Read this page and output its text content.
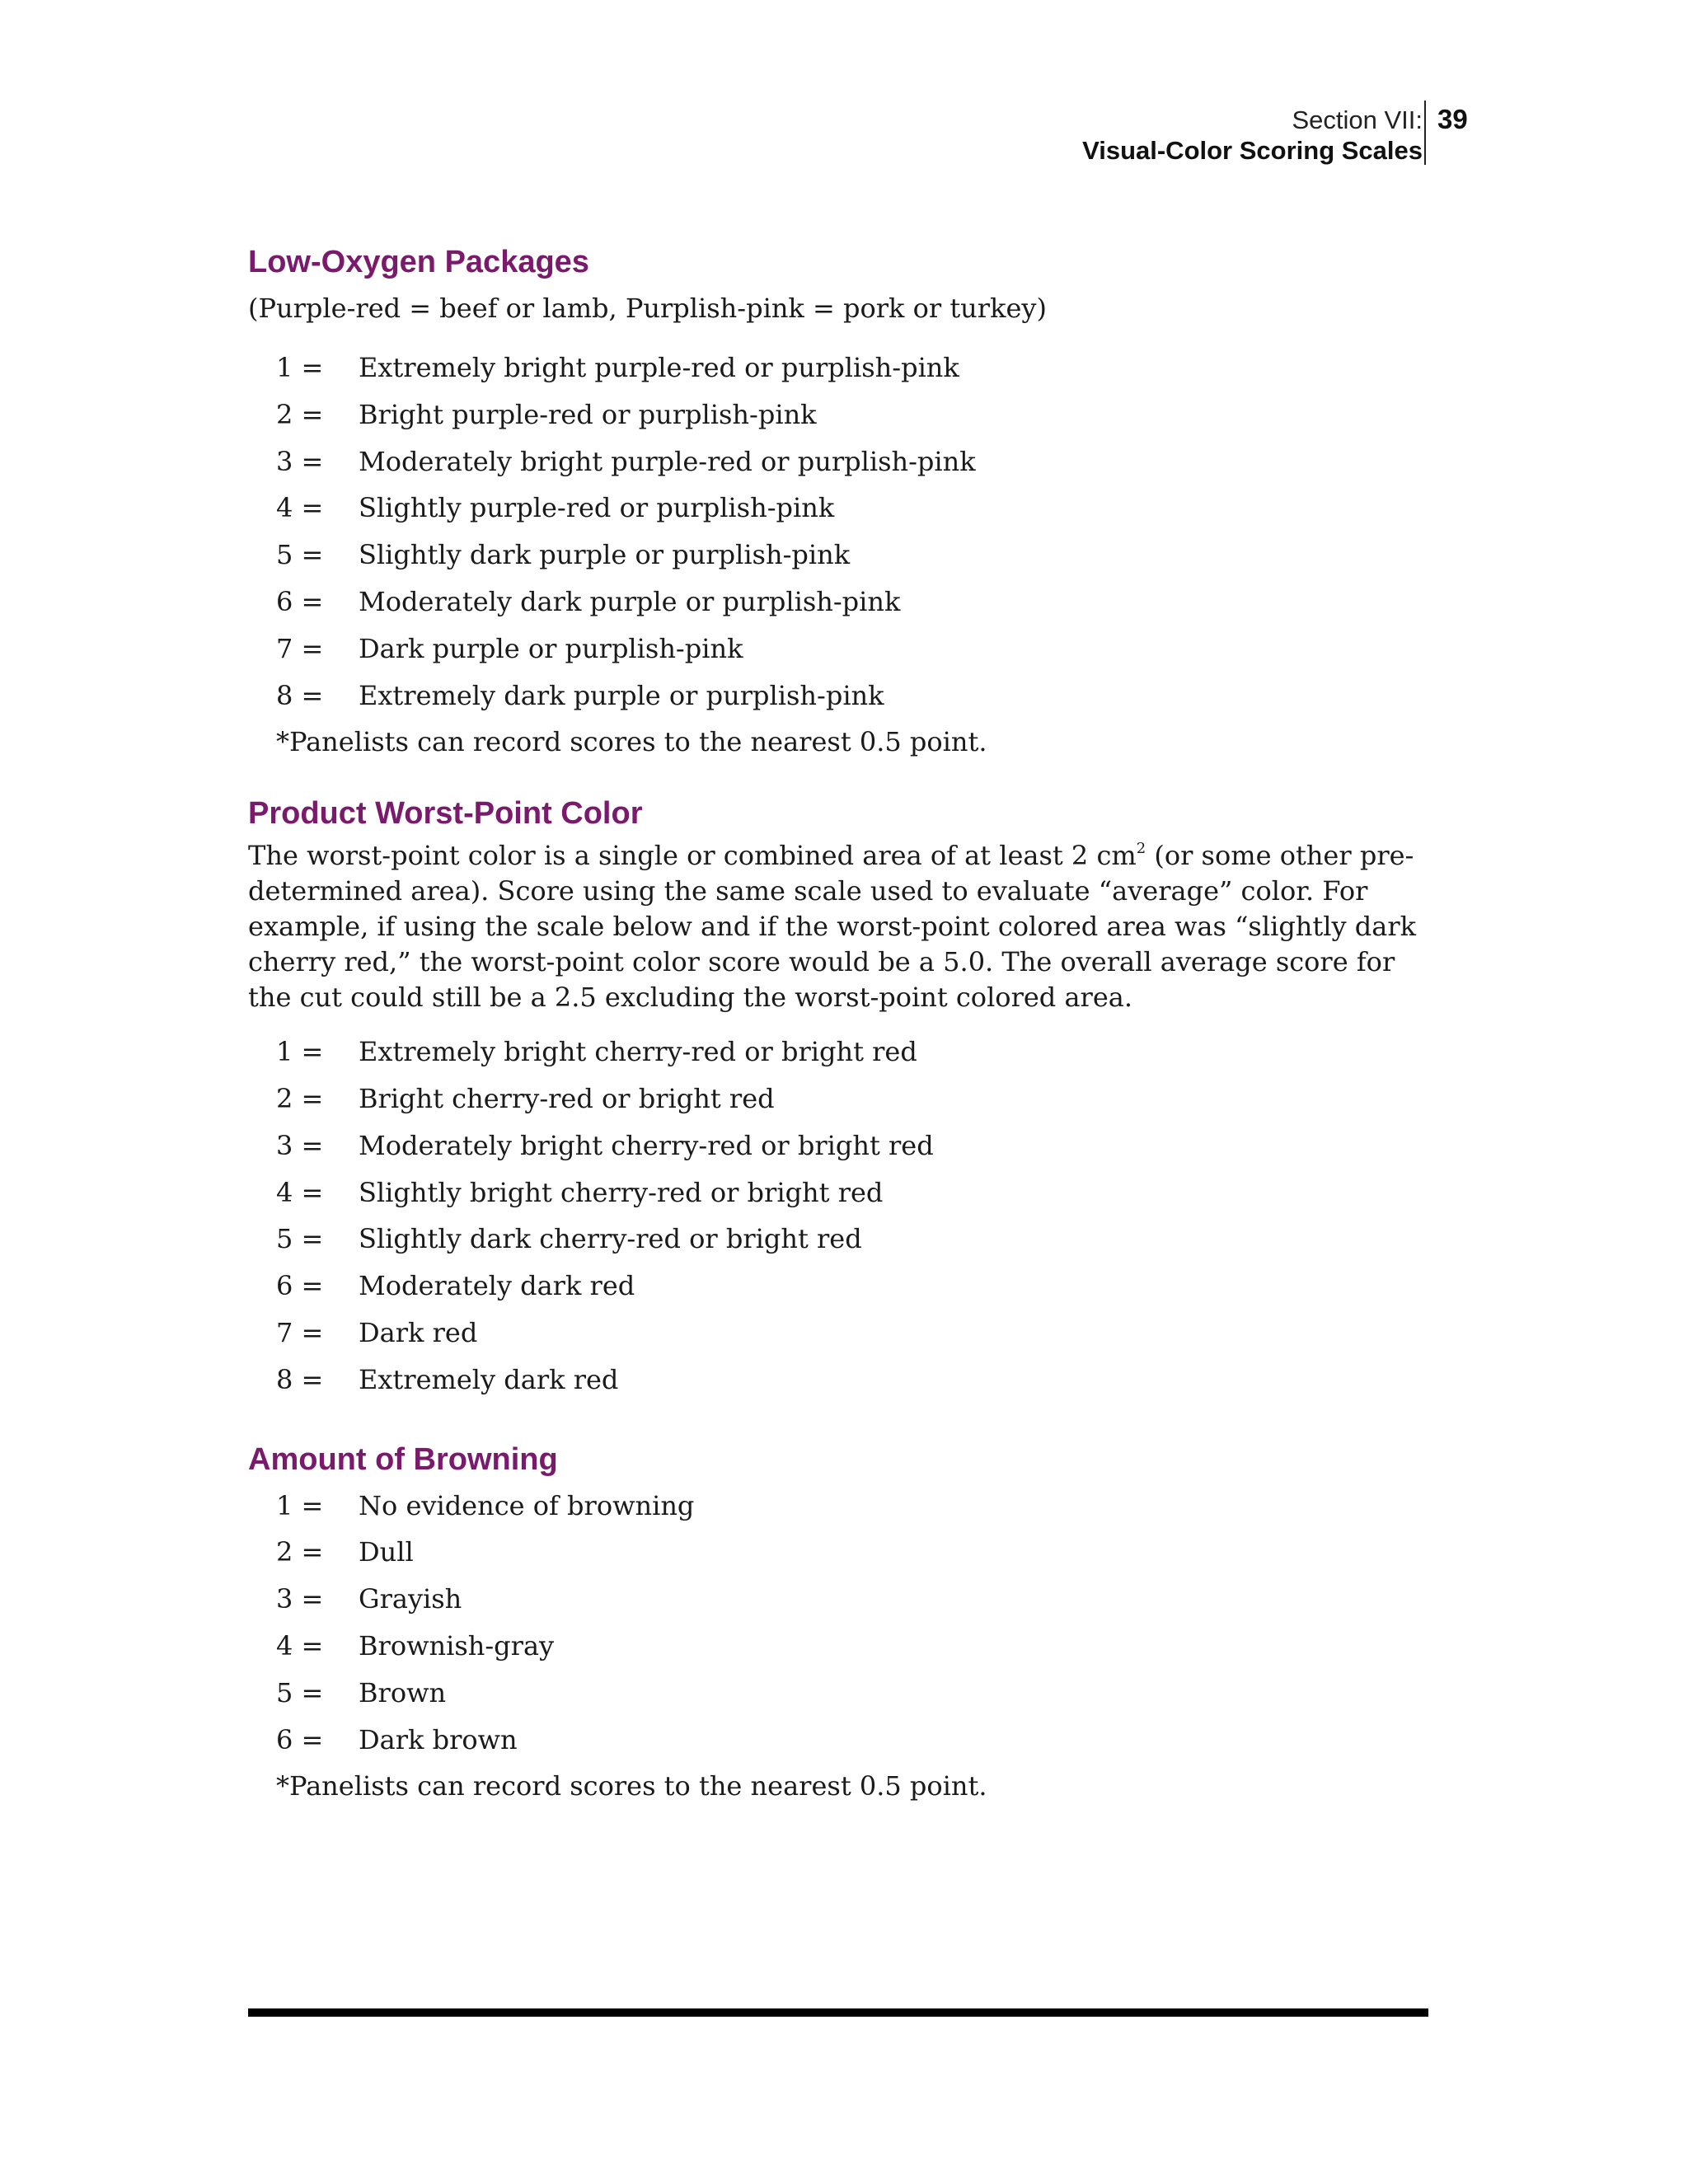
Section VII:
Visual-Color Scoring Scales
39
Low-Oxygen Packages

(Purple-red = beef or lamb, Purplish-pink = pork or turkey)

1 =	Extremely bright purple-red or purplish-pink
2 =	Bright purple-red or purplish-pink
3 =	Moderately bright purple-red or purplish-pink
4 =	Slightly purple-red or purplish-pink
5 =	Slightly dark purple or purplish-pink
6 =	Moderately dark purple or purplish-pink
7 =	Dark purple or purplish-pink
8 =	Extremely dark purple or purplish-pink

*Panelists can record scores to the nearest 0.5 point.

Product Worst-Point Color

The worst-point color is a single or combined area of at least 2 $cm^2$ (or some other pre-determined area). Score using the same scale used to evaluate “average” color. For example, if using the scale below and if the worst-point colored area was “slightly dark cherry red,” the worst-point color score would be a 5.0. The overall average score for the cut could still be a 2.5 excluding the worst-point colored area.

1 =	Extremely bright cherry-red or bright red
2 =	Bright cherry-red or bright red
3 =	Moderately bright cherry-red or bright red
4 =	Slightly bright cherry-red or bright red
5 =	Slightly dark cherry-red or bright red
6 =	Moderately dark red
7 =	Dark red
8 =	Extremely dark red
Amount of Browning
1 =	No evidence of browning
2 =	Dull
3 =	Grayish
4 =	Brownish-gray
5 =	Brown
6 =	Dark brown

*Panelists can record scores to the nearest 0.5 point.
